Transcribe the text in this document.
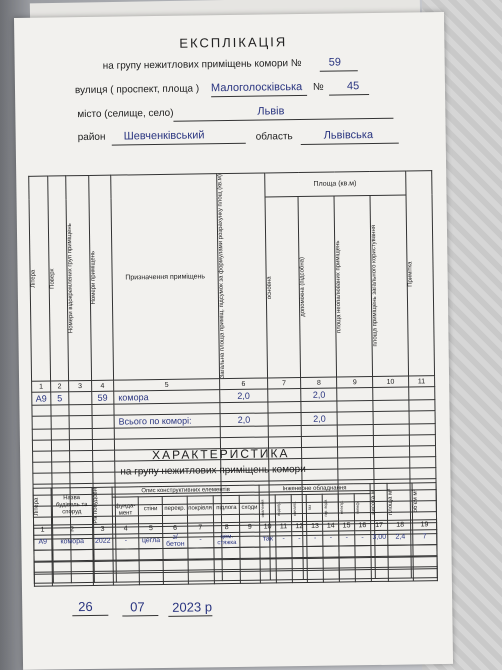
ЕКСПЛІКАЦІЯ
на групу нежитлових приміщень комори № 59
вулиця ( проспект, площа ) Малоголосківська № 45
місто (селище, село)	Львів
район Шевченківський	область	Львівська
Літера	Поверх	Номери відокремлених груп приміщень	Номери приміщень	Призначення приміщень	Загальна площа приміщ. підсумок за формулами розрахунку площ (кв.м)	Площа (кв.м)				Примітка

						основна	допоміжна (підсобна)	площа неопалюваних приміщень	площа приміщень загального користування	

1	2	3	4	5	6	7	8	9	10	11
А9	5		59	комора	2,0		2,0			

				Всього по коморі:	2,0		2,0			

ХАРАКТЕРИСТИКА
на групу нежитлових приміщень комори
Літера	Назва будівель та споруд	Рік побудови	Опис конструктивних елементів						Інженерне обладнання							висота м	площа м²	об'єм м³

			фунда-мент	стіни	перекр.	покрівля	підлога	сходи	опалення	водопр.	каналіз.	газ	гар. вода	електр.	телеф.			

1	2	3	4	5	6	7	8	9	10	11	12	13	14	15	16	17	18	19
А9	комора	2022	-	цегла	з/бетон	-	цем. стяжка		так	-	-	-	-	-	-	3,00	2,4	7

26	07 2023 р
